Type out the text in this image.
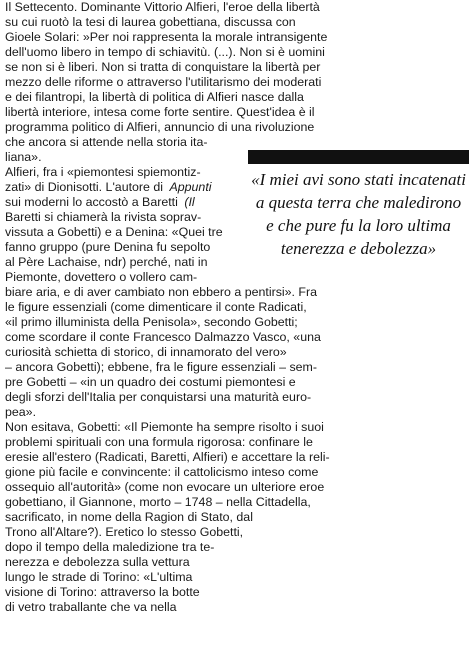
Il Settecento. Dominante Vittorio Alfieri, l'eroe della libertà
su cui ruotò la tesi di laurea gobettiana, discussa con
Gioele Solari: »Per noi rappresenta la morale intransigente
dell'uomo libero in tempo di schiavitù. (...). Non si è uomini
se non si è liberi. Non si tratta di conquistare la libertà per
mezzo delle riforme o attraverso l'utilitarismo dei moderati
e dei filantropi, la libertà di politica di Alfieri nasce dalla
libertà interiore, intesa come forte sentire. Quest'idea è il
programma politico di Alfieri, annuncio di una rivoluzione
che ancora si attende nella storia ita-
liana».
Alfieri, fra i «piemontesi spiemontiz-
zati» di Dionisotti. L'autore di Appunti
sui moderni lo accostò a Baretti (Il
Baretti si chiamerà la rivista soprav-
vissuta a Gobetti) e a Denina: «Quei tre
fanno gruppo (pure Denina fu sepolto
al Père Lachaise, ndr) perché, nati in
Piemonte, dovettero o vollero cam-
biare aria, e di aver cambiato non ebbero a pentirsi». Fra
le figure essenziali (come dimenticare il conte Radicati,
«il primo illuminista della Penisola», secondo Gobetti;
come scordare il conte Francesco Dalmazzo Vasco, «una
curiosità schietta di storico, di innamorato del vero»
– ancora Gobetti); ebbene, fra le figure essenziali – sem-
pre Gobetti – «in un quadro dei costumi piemontesi e
degli sforzi dell'Italia per conquistarsi una maturità euro-
pea».
Non esitava, Gobetti: «Il Piemonte ha sempre risolto i suoi
problemi spirituali con una formula rigorosa: confinare le
eresie all'estero (Radicati, Baretti, Alfieri) e accettare la reli-
gione più facile e convincente: il cattolicismo inteso come
ossequio all'autorità» (come non evocare un ulteriore eroe
gobettiano, il Giannone, morto – 1748 – nella Cittadella,
sacrificato, in nome della Ragion di Stato, dal
Trono all'Altare?). Eretico lo stesso Gobetti,
dopo il tempo della maledizione tra te-
nerezza e debolezza sulla vettura
lungo le strade di Torino: «L'ultima
visione di Torino: attraverso la botte
di vetro traballante che va nella
«I miei avi sono stati incatenati
a questa terra che maledirono
e che pure fu la loro ultima
tenerezza e debolezza»
